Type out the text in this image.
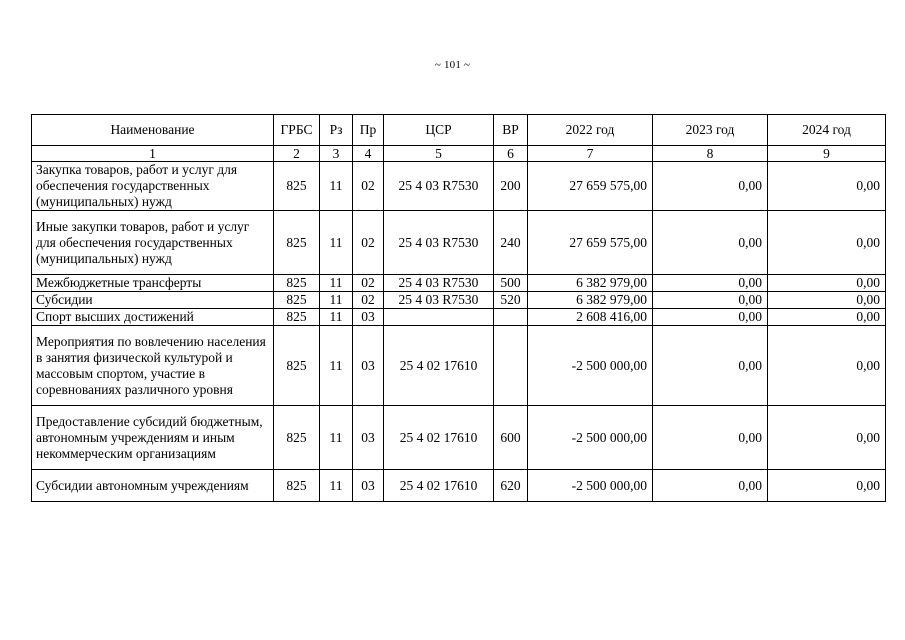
~ 101 ~
Наименование	ГРБС	Рз	Пр	ЦСР	ВР	2022 год	2023 год	2024 год
1	2	3	4	5	6	7	8	9
Закупка товаров, работ и услуг для обеспечения государственных (муниципальных) нужд	825	11	02	25 4 03 R7530	200	27 659 575,00	0,00	0,00
Иные закупки товаров, работ и услуг для обеспечения государственных (муниципальных) нужд	825	11	02	25 4 03 R7530	240	27 659 575,00	0,00	0,00
Межбюджетные трансферты	825	11	02	25 4 03 R7530	500	6 382 979,00	0,00	0,00
Субсидии	825	11	02	25 4 03 R7530	520	6 382 979,00	0,00	0,00
Спорт высших достижений	825	11	03			2 608 416,00	0,00	0,00
Мероприятия по вовлечению населения в занятия физической культурой и массовым спортом, участие в соревнованиях различного уровня	825	11	03	25 4 02 17610		-2 500 000,00	0,00	0,00
Предоставление субсидий бюджетным, автономным учреждениям и иным некоммерческим организациям	825	11	03	25 4 02 17610	600	-2 500 000,00	0,00	0,00
Субсидии автономным учреждениям	825	11	03	25 4 02 17610	620	-2 500 000,00	0,00	0,00
